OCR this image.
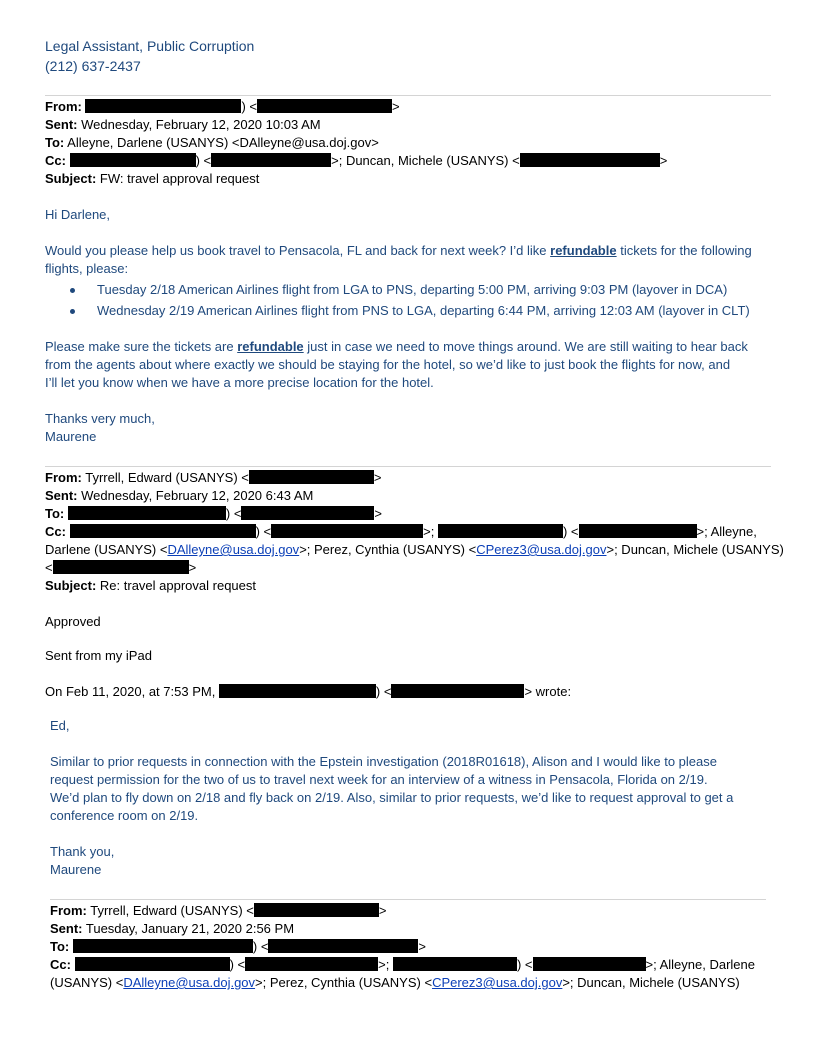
Legal Assistant, Public Corruption
(212) 637-2437
From:	) <	>
Sent: Wednesday, February 12, 2020 10:03 AM
To: Alleyne, Darlene (USANYS) <DAlleyne@usa.doj.gov>
Cc:	) <	>; Duncan, Michele (USANYS) <	>
Subject: FW: travel approval request
Hi Darlene,
Would you please help us book travel to Pensacola, FL and back for next week? I’d like refundable tickets for the following
flights, please:
Tuesday 2/18 American Airlines flight from LGA to PNS, departing 5:00 PM, arriving 9:03 PM (layover in DCA)
Wednesday 2/19 American Airlines flight from PNS to LGA, departing 6:44 PM, arriving 12:03 AM (layover in CLT)
Please make sure the tickets are refundable just in case we need to move things around. We are still waiting to hear back
from the agents about where exactly we should be staying for the hotel, so we’d like to just book the flights for now, and
I’ll let you know when we have a more precise location for the hotel.
Thanks very much,
Maurene
From: Tyrrell, Edward (USANYS) <	>
Sent: Wednesday, February 12, 2020 6:43 AM
To:	) <	>
Cc:	) <	>;	) <	>; Alleyne,
Darlene (USANYS) <DAlleyne@usa.doj.gov>; Perez, Cynthia (USANYS) <CPerez3@usa.doj.gov>; Duncan, Michele (USANYS)
<	>
Subject: Re: travel approval request
Approved
Sent from my iPad
On Feb 11, 2020, at 7:53 PM,	) <	> wrote:
Ed,
Similar to prior requests in connection with the Epstein investigation (2018R01618), Alison and I would like to please
request permission for the two of us to travel next week for an interview of a witness in Pensacola, Florida on 2/19.
We’d plan to fly down on 2/18 and fly back on 2/19. Also, similar to prior requests, we’d like to request approval to get a
conference room on 2/19.
Thank you,
Maurene
From: Tyrrell, Edward (USANYS) <	>
Sent: Tuesday, January 21, 2020 2:56 PM
To:	) <	>
Cc:	) <	>;	) <	>; Alleyne, Darlene
(USANYS) <DAlleyne@usa.doj.gov>; Perez, Cynthia (USANYS) <CPerez3@usa.doj.gov>; Duncan, Michele (USANYS)
